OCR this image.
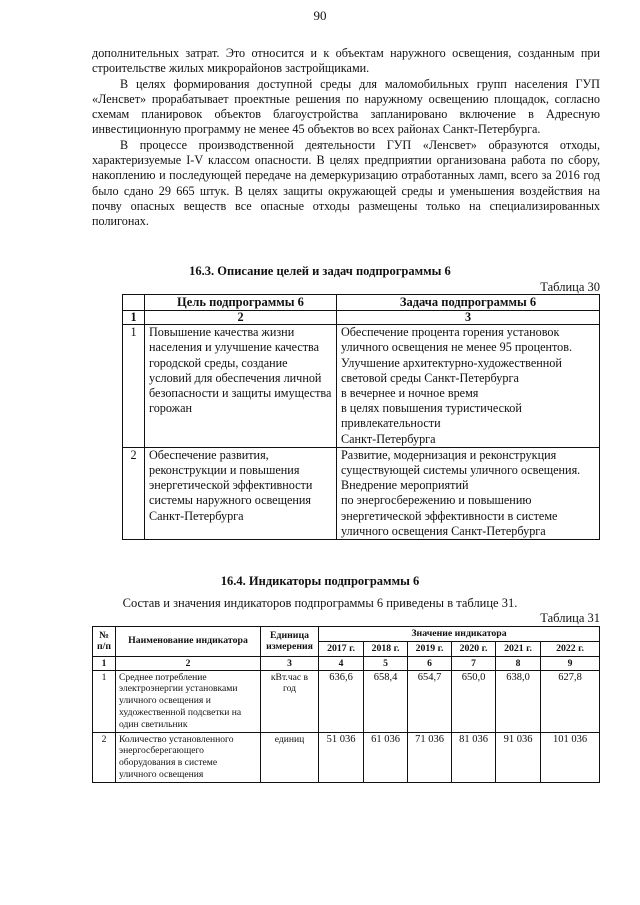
90

дополнительных затрат. Это относится и к объектам наружного освещения, созданным при строительстве жилых микрорайонов застройщиками.

В целях формирования доступной среды для маломобильных групп населения ГУП «Ленсвет» прорабатывает проектные решения по наружному освещению площадок, согласно схемам планировок объектов благоустройства запланировано включение в Адресную инвестиционную программу не менее 45 объектов во всех районах Санкт-Петербурга.

В процессе производственной деятельности ГУП «Ленсвет» образуются отходы, характеризуемые I-V классом опасности. В целях предприятии организована работа по сбору, накоплению и последующей передаче на демеркуризацию отработанных ламп, всего за 2016 год было сдано 29 665 штук. В целях защиты окружающей среды и уменьшения воздействия на почву опасных веществ все опасные отходы размещены только на специализированных полигонах.

16.3. Описание целей и задач подпрограммы 6
Таблица 30
	Цель подпрограммы 6	Задача подпрограммы 6
1	2	3
1	Повышение качества жизни населения и улучшение качества городской среды, создание условий для обеспечения личной безопасности и защиты имущества горожан	Обеспечение процента горения установок уличного освещения не менее 95 процентов.
Улучшение архитектурно-художественной световой среды Санкт-Петербурга
в вечернее и ночное время
в целях повышения туристической привлекательности
Санкт-Петербурга

2	Обеспечение развития, реконструкции и повышения энергетической эффективности системы наружного освещения Санкт-Петербурга	Развитие, модернизация и реконструкция существующей системы уличного освещения.
Внедрение мероприятий
по энергосбережению и повышению энергетической эффективности в системе уличного освещения Санкт-Петербурга
16.4. Индикаторы подпрограммы 6
Состав и значения индикаторов подпрограммы 6 приведены в таблице 31.
Таблица 31
№ п/п	Наименование индикатора	Единица измерения	Значение индикатора					
			2017 г.	2018 г.	2019 г.	2020 г.	2021 г.	2022 г.
1	2	3	4	5	6	7	8	9
1	Среднее потребление электроэнергии установками уличного освещения и художественной подсветки на один светильник	кВт.час в год	636,6	658,4	654,7	650,0	638,0	627,8
2	Количество установленного энергосберегающего оборудования в системе уличного освещения	единиц	51 036	61 036	71 036	81 036	91 036	101 036
